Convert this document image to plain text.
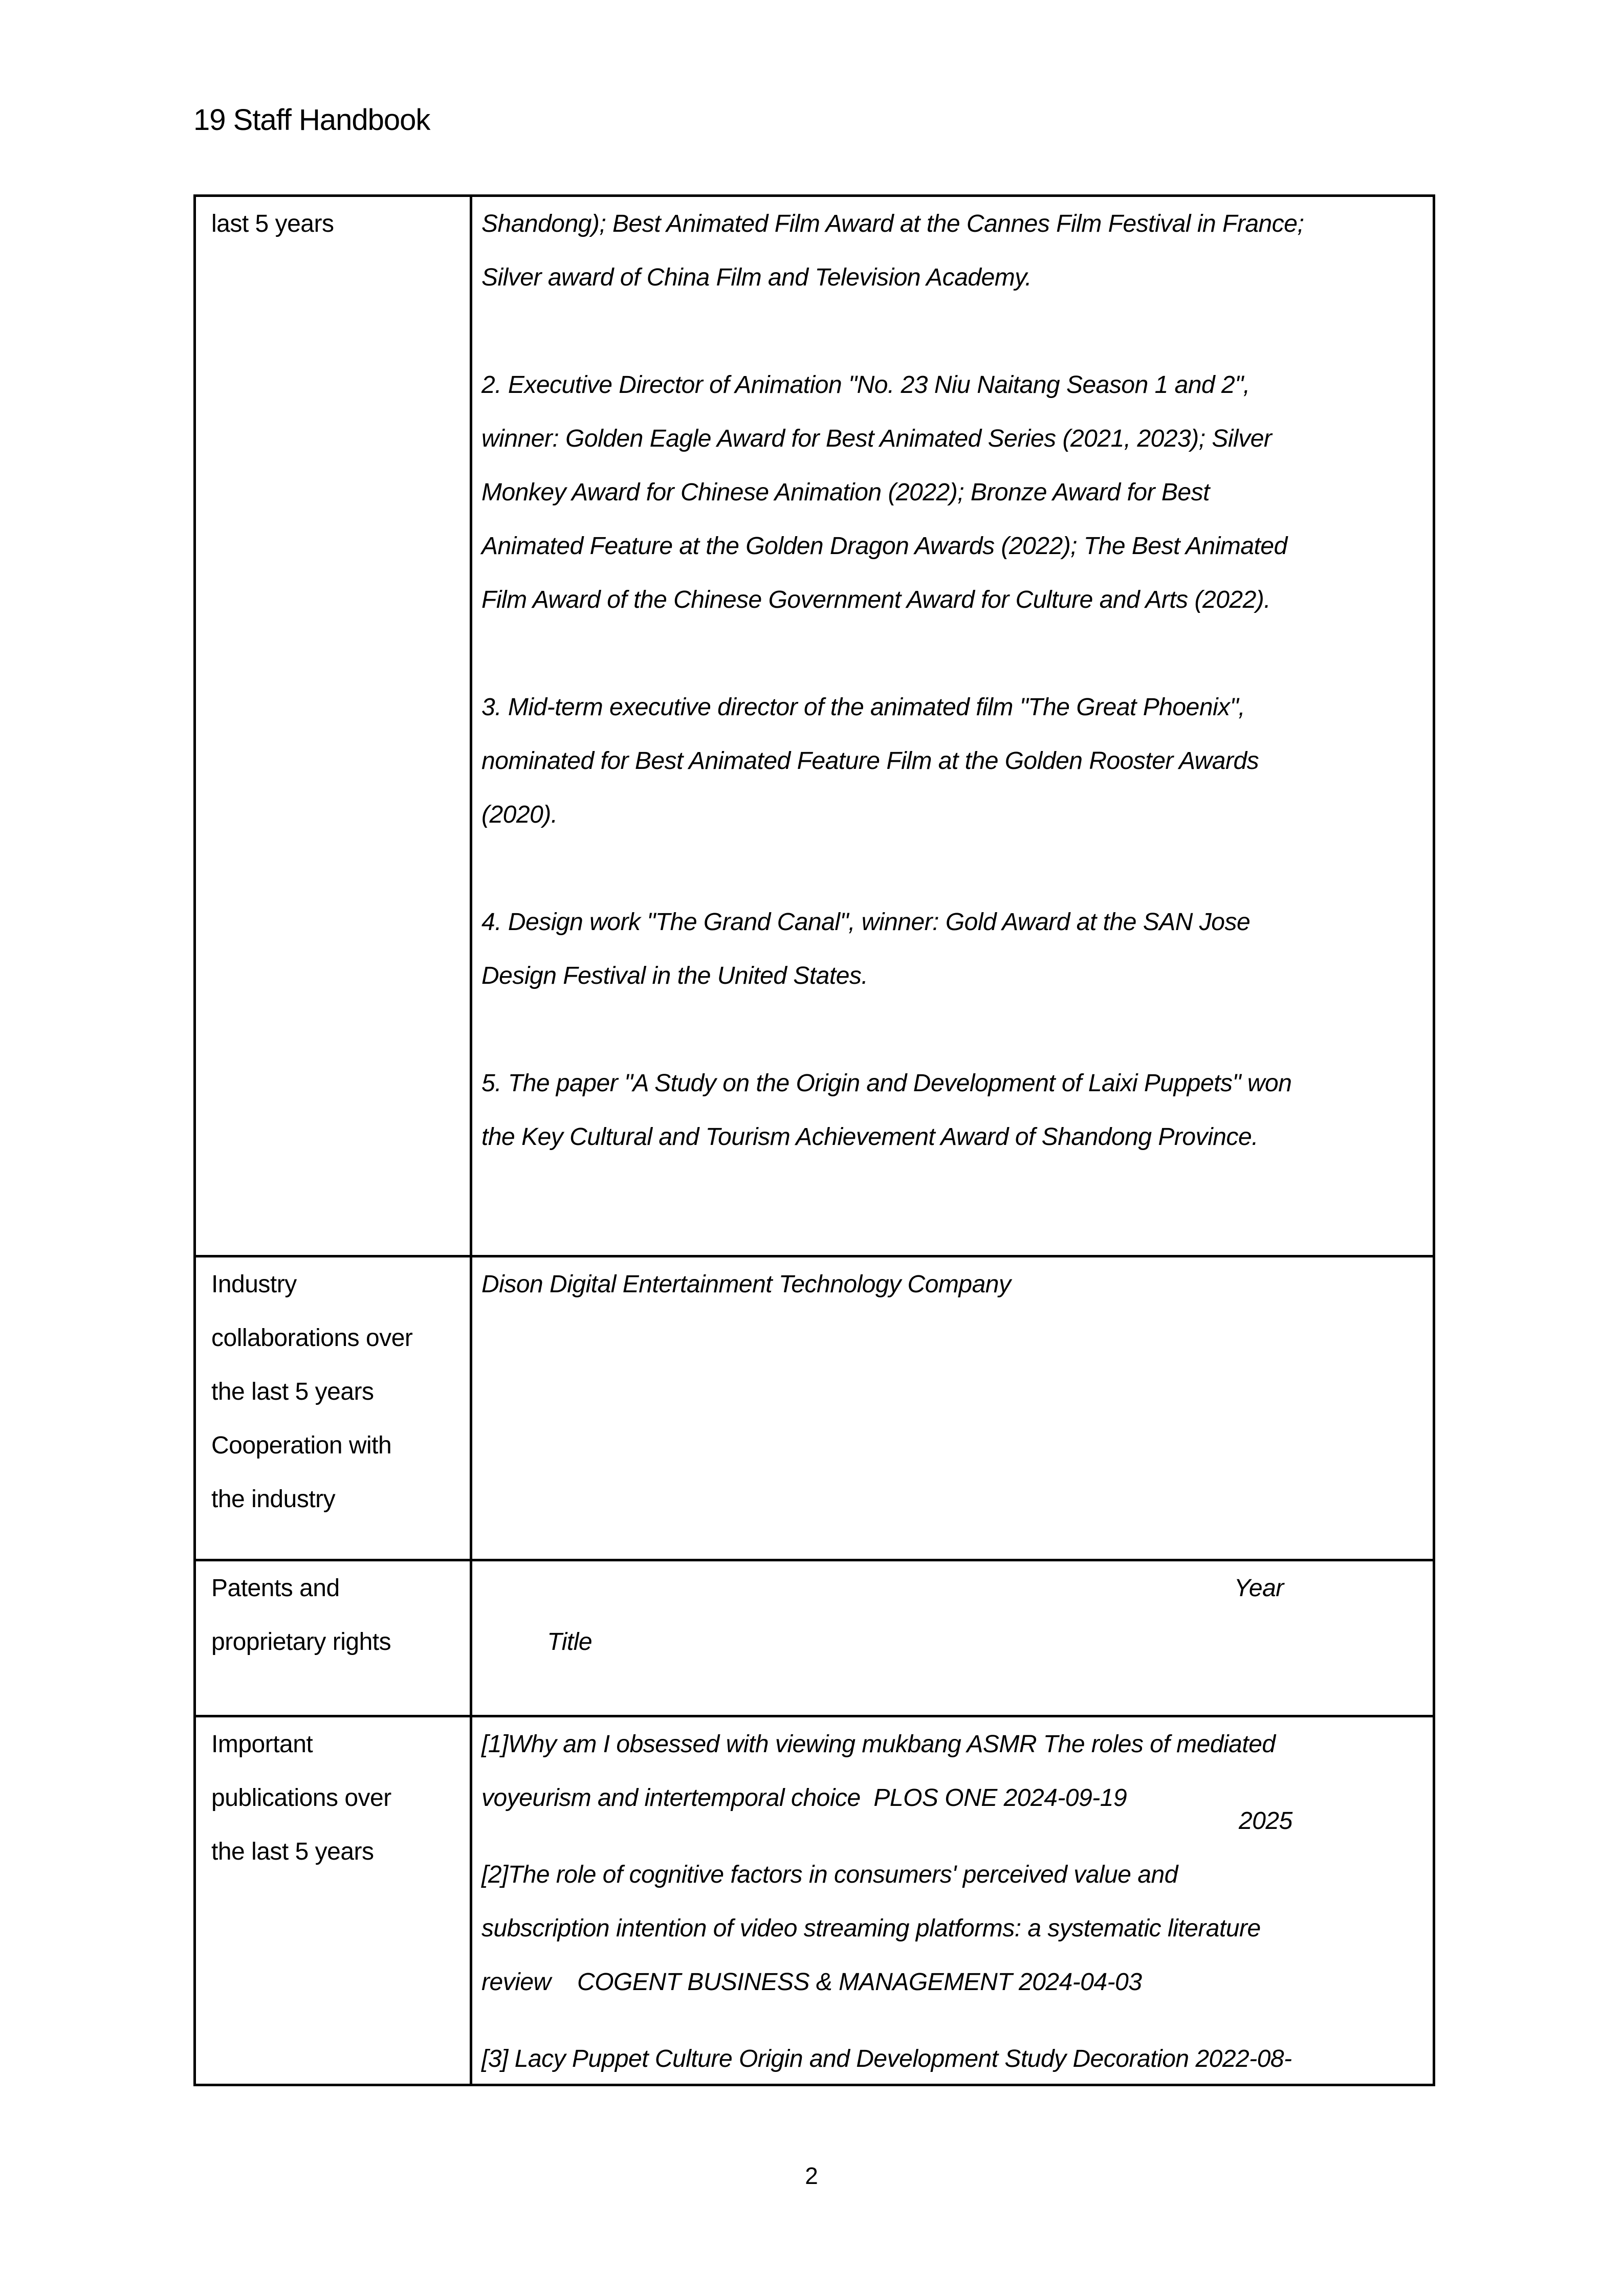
19 Staff Handbook
last 5 years	Shandong); Best Animated Film Award at the Cannes Film Festival in France;
Silver award of China Film and Television Academy.

2. Executive Director of Animation "No. 23 Niu Naitang Season 1 and 2",
winner: Golden Eagle Award for Best Animated Series (2021, 2023); Silver
Monkey Award for Chinese Animation (2022); Bronze Award for Best
Animated Feature at the Golden Dragon Awards (2022); The Best Animated
Film Award of the Chinese Government Award for Culture and Arts (2022).

3. Mid-term executive director of the animated film "The Great Phoenix",
nominated for Best Animated Feature Film at the Golden Rooster Awards
(2020).

4. Design work "The Grand Canal", winner: Gold Award at the SAN Jose
Design Festival in the United States.

5. The paper "A Study on the Origin and Development of Laixi Puppets" won
the Key Cultural and Tourism Achievement Award of Shandong Province.

Industry
collaborations over
the last 5 years
Cooperation with
the industry

Dison Digital Entertainment Technology Company

Patents and
proprietary rights	Title

Year

2025
Important
publications over
the last 5 years

[1]Why am I obsessed with viewing mukbang ASMR The roles of mediated
voyeurism and intertemporal choice  PLOS ONE 2024-09-19

[2]The role of cognitive factors in consumers' perceived value and
subscription intention of video streaming platforms: a systematic literature
review    COGENT BUSINESS & MANAGEMENT 2024-04-03

[3] Lacy Puppet Culture Origin and Development Study Decoration 2022-08-

2
